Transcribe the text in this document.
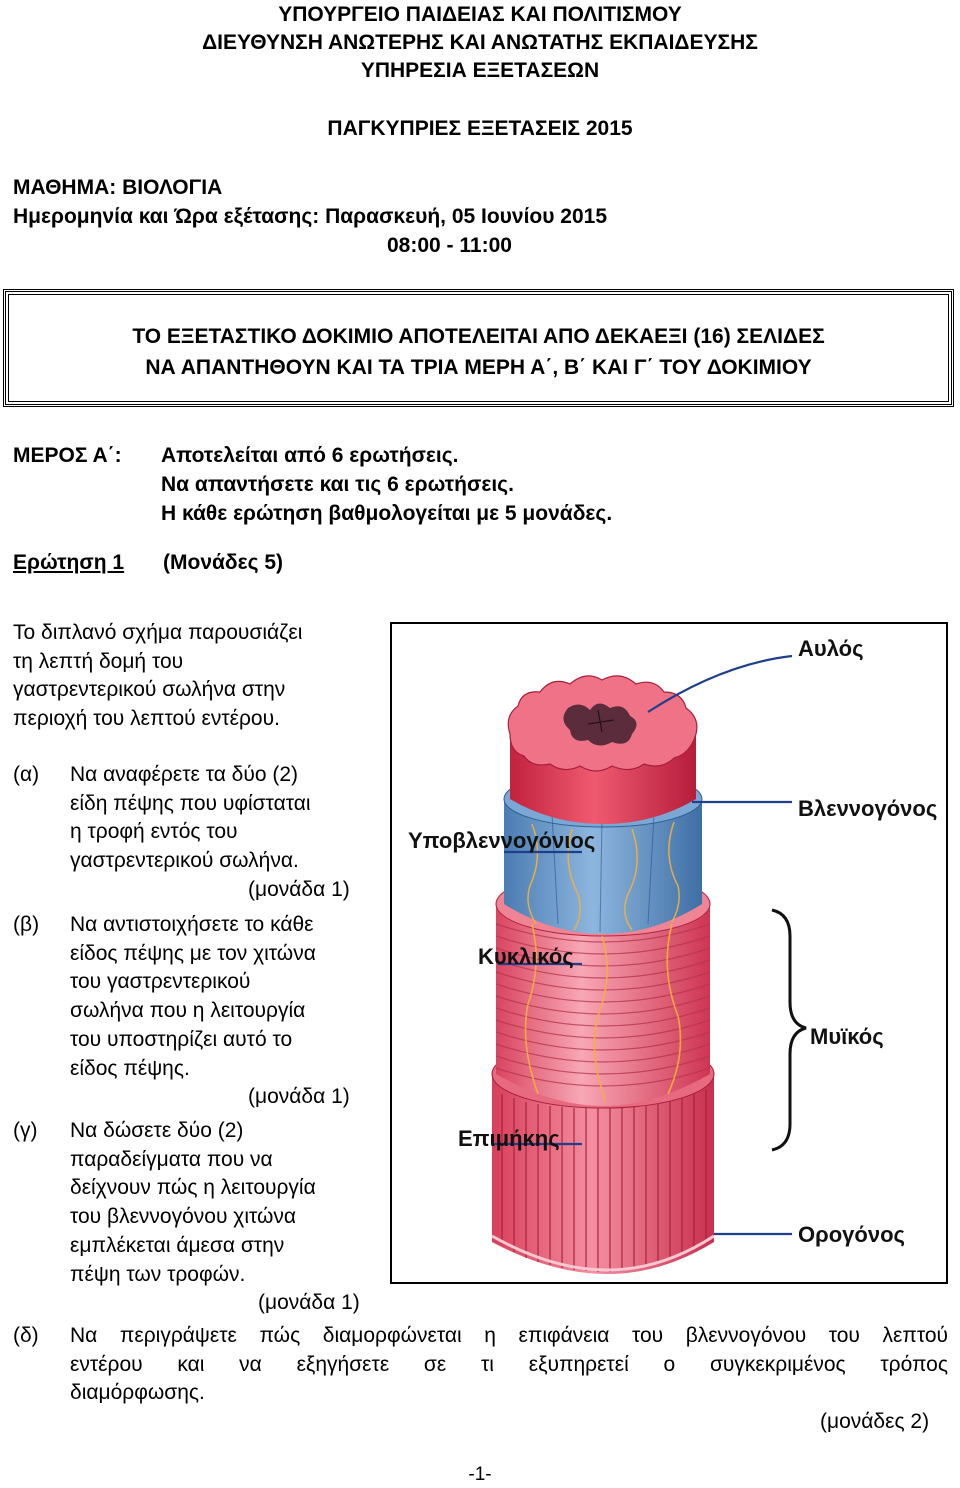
ΥΠΟΥΡΓΕΙΟ ΠΑΙΔΕΙΑΣ ΚΑΙ ΠΟΛΙΤΙΣΜΟΥ
ΔΙΕΥΘΥΝΣΗ ΑΝΩΤΕΡΗΣ ΚΑΙ ΑΝΩΤΑΤΗΣ ΕΚΠΑΙΔΕΥΣΗΣ
ΥΠΗΡΕΣΙΑ ΕΞΕΤΑΣΕΩΝ
ΠΑΓΚΥΠΡΙΕΣ ΕΞΕΤΑΣΕΙΣ 2015
ΜΑΘΗΜΑ: ΒΙΟΛΟΓΙΑ
Ημερομηνία και Ώρα εξέτασης: Παρασκευή, 05 Ιουνίου 2015
08:00 - 11:00
ΤΟ ΕΞΕΤΑΣΤΙΚΟ ΔΟΚΙΜΙΟ ΑΠΟΤΕΛΕΙΤΑΙ ΑΠΟ ΔΕΚΑΕΞΙ (16) ΣΕΛΙΔΕΣ
ΝΑ ΑΠΑΝΤΗΘΟΥΝ ΚΑΙ ΤΑ ΤΡΙΑ ΜΕΡΗ Α΄, Β΄ ΚΑΙ Γ΄ ΤΟΥ ΔΟΚΙΜΙΟΥ
ΜΕΡΟΣ Α΄: Αποτελείται από 6 ερωτήσεις.
Να απαντήσετε και τις 6 ερωτήσεις.
Η κάθε ερώτηση βαθμολογείται με 5 μονάδες.
Ερώτηση 1 (Μονάδες 5)
Το διπλανό σχήμα παρουσιάζει
τη λεπτή δομή του
γαστρεντερικού σωλήνα στην
περιοχή του λεπτού εντέρου.
(α)	Να αναφέρετε τα δύο (2)
είδη πέψης που υφίσταται
η τροφή εντός του
γαστρεντερικού σωλήνα.
(μονάδα 1)
(β)	Να αντιστοιχήσετε το κάθε
είδος πέψης με τον χιτώνα
του γαστρεντερικού
σωλήνα που η λειτουργία
του υποστηρίζει αυτό το
είδος πέψης.
(μονάδα 1)
(γ)	Να δώσετε δύο (2)
παραδείγματα που να
δείχνουν πώς η λειτουργία
του βλεννογόνου χιτώνα
εμπλέκεται άμεσα στην
πέψη των τροφών.
(μονάδα 1)
(δ)	Να περιγράψετε πώς διαμορφώνεται η επιφάνεια του βλεννογόνου του λεπτού
εντέρου και να εξηγήσετε σε τι εξυπηρετεί ο συγκεκριμένος τρόπος
διαμόρφωσης.
(μονάδες 2)
Αυλός
Βλεννογόνος
Υποβλεννογόνιος
Κυκλικός
Μυϊκός
Επιμήκης
Ορογόνος
-1-
